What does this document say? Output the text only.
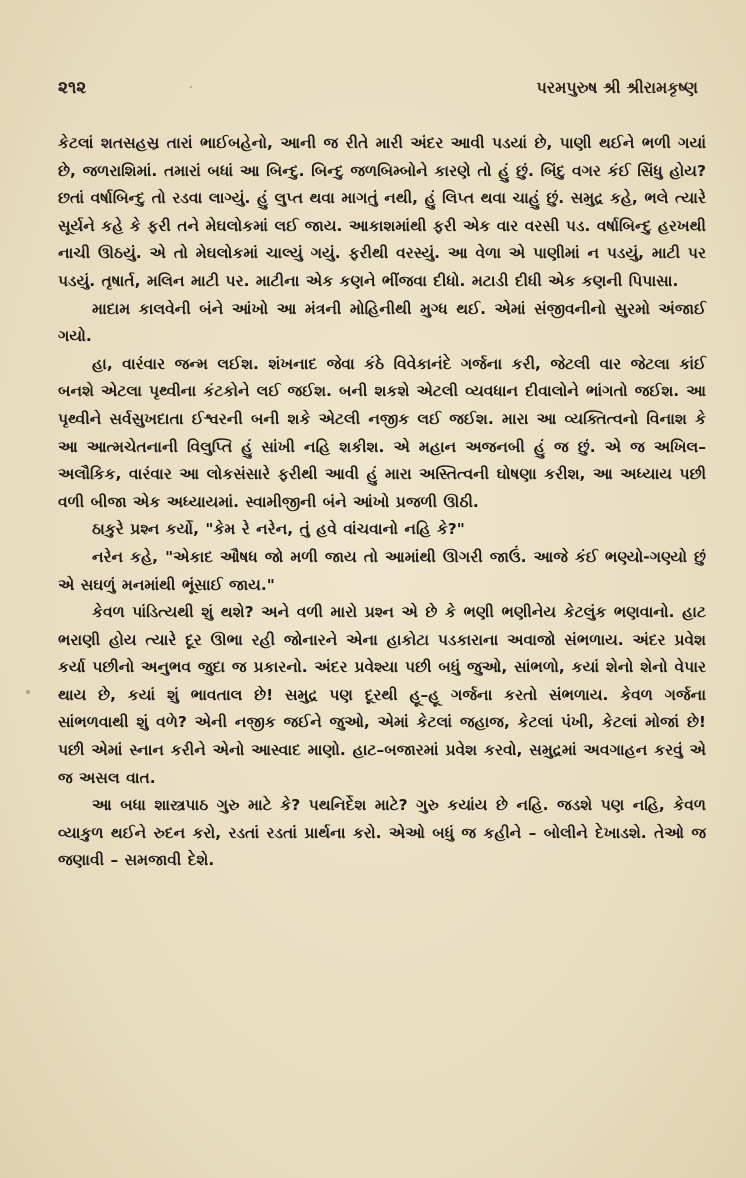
૨૧૨	પરમપુરુષ શ્રી શ્રીરામકૃષ્ણ

કેટલાં શતસહસ્ર તારાં ભાઈબહેનો, આની જ રીતે મારી અંદર આવી પડયાં છે, પાણી થઈને ભળી ગયાં છે, જળરાશિમાં. તમારાં બધાં આ બિન્દુ. બિન્દુ જળબિમ્બોને કારણે તો હું છું. બિંદુ વગર કંઈ સિંધુ હોય? છતાં વર્ષાબિન્દુ તો રડવા લાગ્યું. હું લુપ્ત થવા માગતું નથી, હું લિપ્ત થવા ચાહું છું. સમુદ્ર કહે, ભલે ત્યારે સૂર્યને કહે કે ફરી તને મેઘલોકમાં લઈ જાય. આકાશમાંથી ફરી એક વાર વરસી પડ. વર્ષાબિન્દુ હરખથી નાચી ઊઠયું. એ તો મેઘલોકમાં ચાલ્યું ગયું. ફરીથી વરસ્યું. આ વેળા એ પાણીમાં ન પડયું, માટી પર પડયું. તૃષાર્ત, મલિન માટી પર. માટીના એક કણને ભીંજવા દીધો. મટાડી દીધી એક કણની પિપાસા.

માદામ કાલવેની બંને આંખો આ મંત્રની મોહિનીથી મુગ્ધ થઈ. એમાં સંજીવનીનો સુરમો અંજાઈ ગયો.

હા, વારંવાર જન્મ લઈશ. શંખનાદ જેવા કંઠે વિવેકાનંદે ગર્જના કરી, જેટલી વાર જેટલા કાંઈ બનશે એટલા પૃથ્વીના કંટકોને લઈ જઈશ. બની શકશે એટલી વ્યવધાન દીવાલોને ભાંગતો જઈશ. આ પૃથ્વીને સર્વસુખદાતા ઈશ્વરની બની શકે એટલી નજીક લઈ જઈશ. મારા આ વ્યક્તિત્વનો વિનાશ કે આ આત્મચેતનાની વિલુપ્તિ હું સાંખી નહિ શકીશ. એ મહાન અજનબી હું જ છું. એ જ અખિલ–અલૌકિક, વારંવાર આ લોકસંસારે ફરીથી આવી હું મારા અસ્તિત્વની ઘોષણા કરીશ, આ અધ્યાય પછી વળી બીજા એક અધ્યાયમાં. સ્વામીજીની બંને આંખો પ્રજળી ઊઠી.

ઠાકુરે પ્રશ્ન કર્યો, "કેમ રે નરેન, તું હવે વાંચવાનો નહિ કે?"

નરેન કહે, "એકાદ ઔષધ જો મળી જાય તો આમાંથી ઊગરી જાઉં. આજે કંઈ ભણ્યો-ગણ્યો છું એ સઘળું મનમાંથી ભૂંસાઈ જાય."

કેવળ પાંડિત્યથી શું થશે? અને વળી મારો પ્રશ્ન એ છે કે ભણી ભણીનેય કેટલુંક ભણવાનો. હાટ ભરાણી હોય ત્યારે દૂર ઊભા રહી જોનારને એના હાકોટા પડકારાના અવાજો સંભળાય. અંદર પ્રવેશ કર્યા પછીનો અનુભવ જુદા જ પ્રકારનો. અંદર પ્રવેશ્યા પછી બધું જુઓ, સાંભળો, કયાં શેનો શેનો વેપાર થાય છે, કયાં શું ભાવતાલ છે! સમુદ્ર પણ દૂરથી હૂ–હૂ ગર્જના કરતો સંભળાય. કેવળ ગર્જના સાંભળવાથી શું વળે? એની નજીક જઈને જુઓ, એમાં કેટલાં જહાજ, કેટલાં પંખી, કેટલાં મોજાં છે! પછી એમાં સ્નાન કરીને એનો આસ્વાદ માણો. હાટ–બજારમાં પ્રવેશ કરવો, સમુદ્રમાં અવગાહન કરવું એ જ અસલ વાત.

આ બધા શાસ્ત્રપાઠ ગુરુ માટે કે? પથનિર્દેશ માટે? ગુરુ કયાંય છે નહિ. જડશે પણ નહિ, કેવળ વ્યાકુળ થઈને રુદન કરો, રડતાં રડતાં પ્રાર્થના કરો. એઓ બધું જ કહીને – બોલીને દેખાડશે. તેઓ જ જણાવી – સમજાવી દેશે.
